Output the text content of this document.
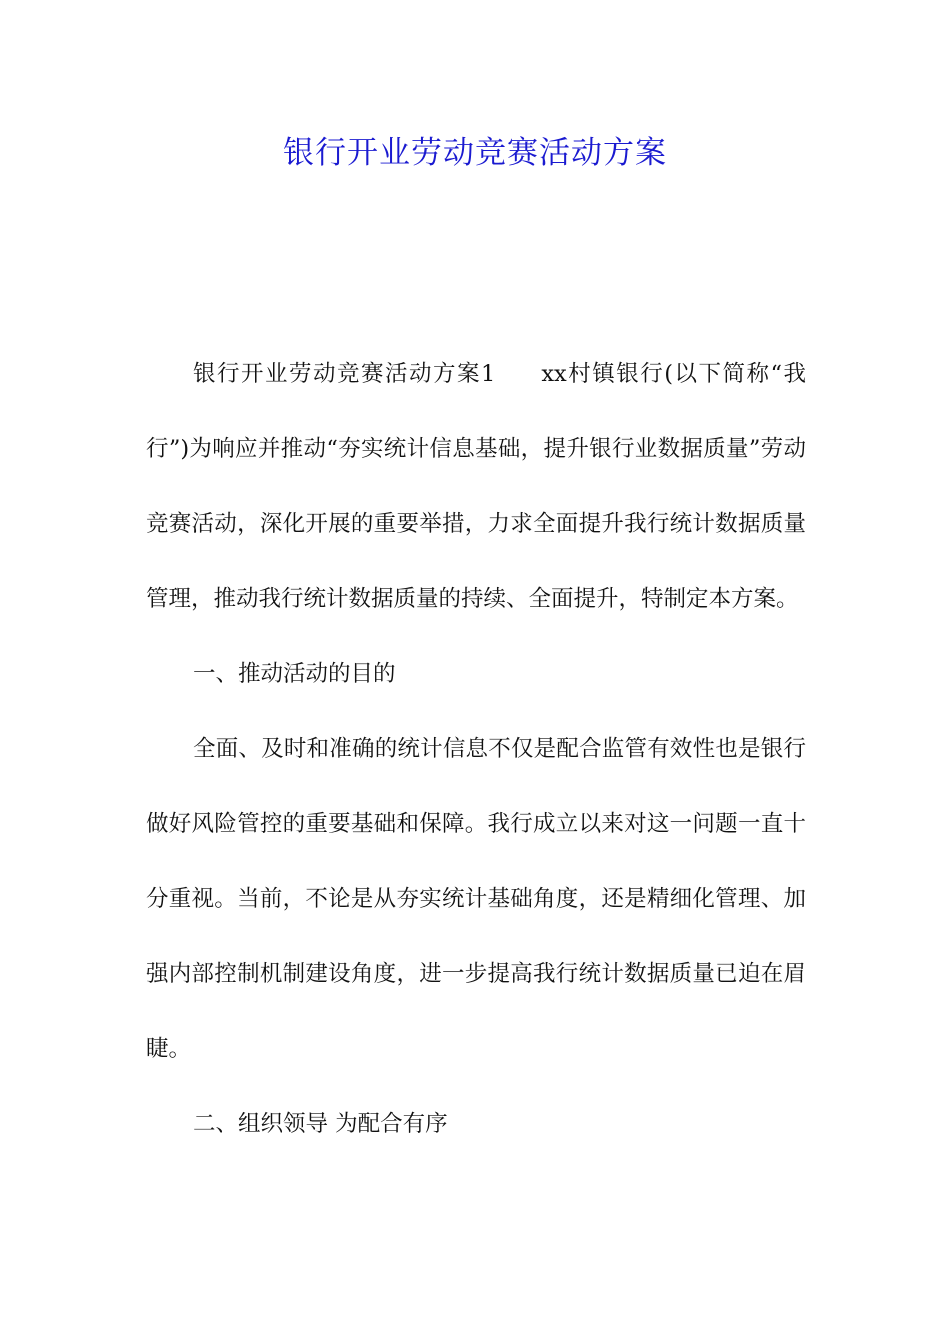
银行开业劳动竞赛活动方案

银行开业劳动竞赛活动方案1 xx村镇银行(以下简称“我行”)为响应并推动“夯实统计信息基础，提升银行业数据质量”劳动竞赛活动，深化开展的重要举措，力求全面提升我行统计数据质量管理，推动我行统计数据质量的持续、全面提升，特制定本方案。

一、推动活动的目的

全面、及时和准确的统计信息不仅是配合监管有效性也是银行做好风险管控的重要基础和保障。我行成立以来对这一问题一直十分重视。当前，不论是从夯实统计基础角度，还是精细化管理、加强内部控制机制建设角度，进一步提高我行统计数据质量已迫在眉睫。

二、组织领导 为配合有序
